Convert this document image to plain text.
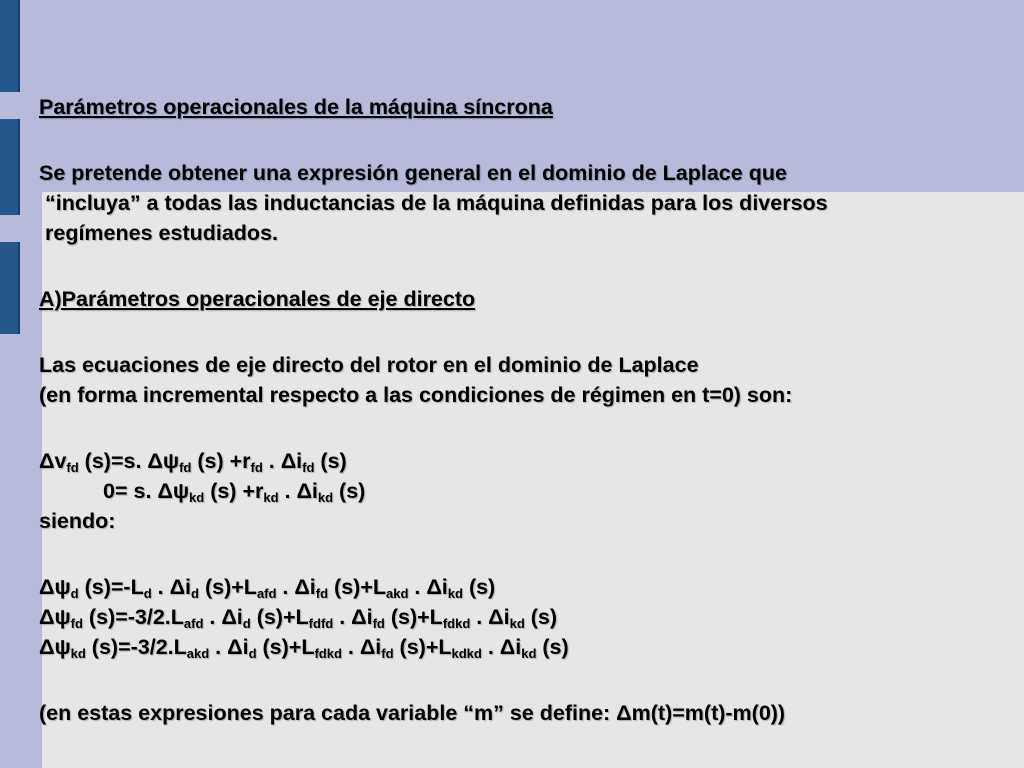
Parámetros operacionales de la máquina síncrona
Se pretende obtener una expresión general en el dominio de Laplace que
“incluya” a todas las inductancias de la máquina definidas para los diversos
regímenes estudiados.
A)Parámetros operacionales de eje directo
Las ecuaciones de eje directo del rotor en el dominio de Laplace
(en forma incremental respecto a las condiciones de régimen en t=0) son:
$\Delta v_{fd}$ (s)=s. $\Delta\psi_{fd}$ $(s) +r_{fd}$ . $\Delta i_{fd}$ (s)
0= s. $\Delta\psi_{kd}$ $(s) +r_{kd}$ . $\Delta i_{kd}$ (s)
siendo:
$\Delta\psi_d$ $(s)=-L_d$ . $\Delta i_d$ $(s)+L_{afd}$ . $\Delta i_{fd}$ $(s)+L_{akd}$ . $\Delta i_{kd}$ (s)
$\Delta\psi_{fd}$ $(s)=-3/2.L_{afd}$ . $\Delta i_d$ $(s)+L_{fdfd}$ . $\Delta i_{fd}$ $(s)+L_{fdkd}$ . $\Delta i_{kd}$ (s)
$\Delta\psi_{kd}$ $(s)=-3/2.L_{akd}$ . $\Delta i_d$ $(s)+L_{fdkd}$ . $\Delta i_{fd}$ $(s)+L_{kdkd}$ . $\Delta i_{kd}$ (s)
(en estas expresiones para cada variable “m” se define: Δm(t)=m(t)-m(0))
